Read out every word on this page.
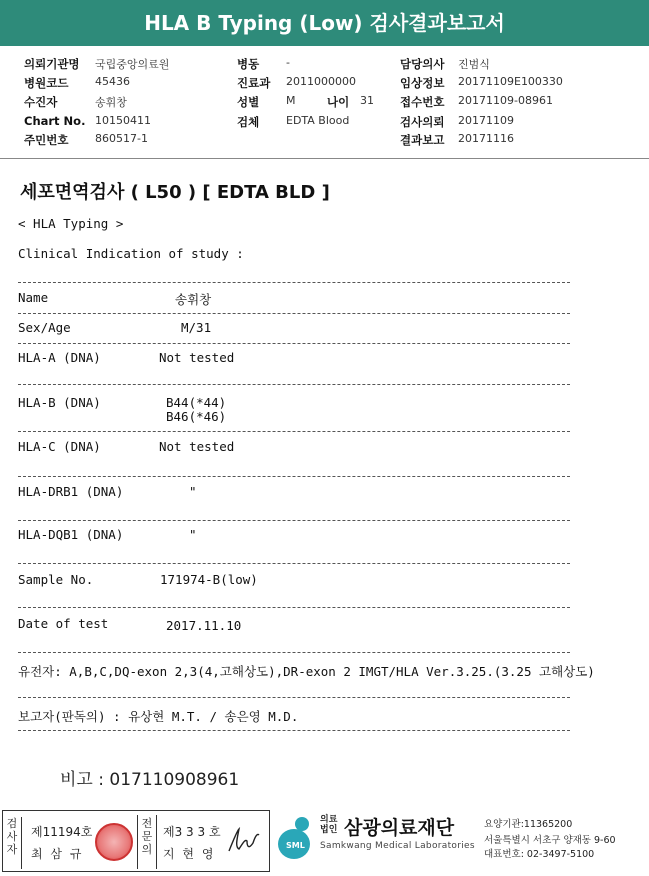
HLA B Typing (Low) 검사결과보고서
의뢰기관명 국립중앙의료원	병동 -	담당의사 진범식
병원코드 45436	진료과 2011000000	임상정보 20171109E100330
수진자	송휘창	성별 M	나이 31 접수번호 20171109-08961
Chart No. 10150411	검체 EDTA Blood	검사의뢰 20171109
주민번호 860517-1	결과보고 20171116
세포면역검사 ( L50 ) [ EDTA BLD ]
< HLA Typing >
Clinical Indication of study :
Name	송휘창
Sex/Age	M/31
HLA-A (DNA)	Not tested
HLA-B (DNA)	B44(*44)
B46(*46)
HLA-C (DNA)	Not tested
HLA-DRB1 (DNA)	"
HLA-DQB1 (DNA)	"
Sample No.	171974-B(low)
Date of test	2017.11.10
유전자: A,B,C,DQ-exon 2,3(4,고해상도),DR-exon 2 IMGT/HLA Ver.3.25.(3.25 고해상도)
보고자(판독의) : 유상현 M.T. / 송은영 M.D.
비고 : 017110908961
검사자
제11194호
최 삼 규
전문의
제3 3 3 호
지 현 영
SML
의료
법인 삼광의료재단
Samkwang Medical Laboratories
요양기관:11365200
서울특별시 서초구 양재동 9-60
대표번호: 02-3497-5100
